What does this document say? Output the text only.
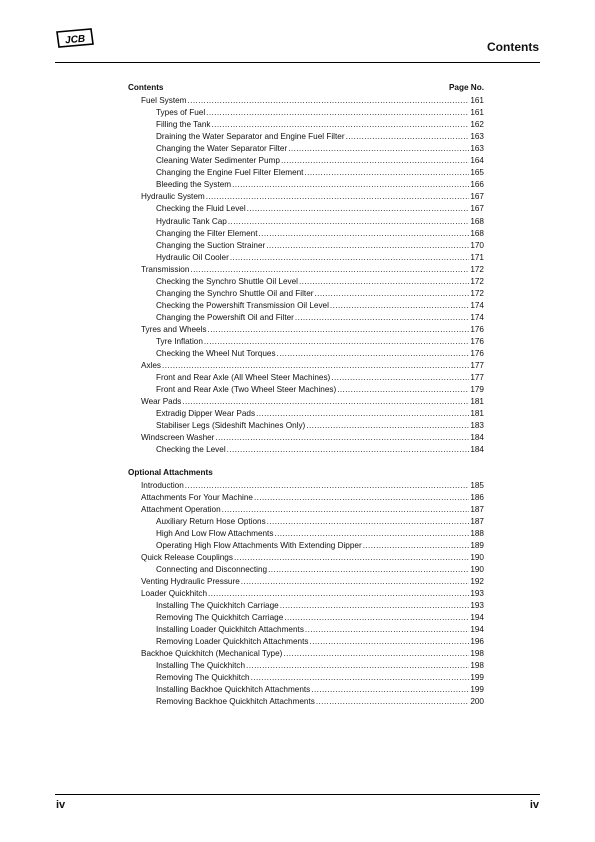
JCB
Contents
Contents	Page No.
Fuel System .....	161
Types of Fuel .....	161
Filling the Tank .....	162
Draining the Water Separator and Engine Fuel Filter .....	163
Changing the Water Separator Filter .....	163
Cleaning Water Sedimenter Pump .....	164
Changing the Engine Fuel Filter Element .....	165
Bleeding the System .....	166
Hydraulic System .....	167
Checking the Fluid Level .....	167
Hydraulic Tank Cap .....	168
Changing the Filter Element .....	168
Changing the Suction Strainer .....	170
Hydraulic Oil Cooler .....	171
Transmission .....	172
Checking the Synchro Shuttle Oil Level .....	172
Changing the Synchro Shuttle Oil and Filter .....	172
Checking the Powershift Transmission Oil Level .....	174
Changing the Powershift Oil and Filter .....	174
Tyres and Wheels .....	176
Tyre Inflation .....	176
Checking the Wheel Nut Torques .....	176
Axles .....	177
Front and Rear Axle (All Wheel Steer Machines) .....	177
Front and Rear Axle (Two Wheel Steer Machines) .....	179
Wear Pads .....	181
Extradig Dipper Wear Pads .....	181
Stabiliser Legs (Sideshift Machines Only) .....	183
Windscreen Washer .....	184
Checking the Level .....	184
Optional Attachments
Introduction .....	185
Attachments For Your Machine .....	186
Attachment Operation .....	187
Auxiliary Return Hose Options .....	187
High And Low Flow Attachments .....	188
Operating High Flow Attachments With Extending Dipper .....	189
Quick Release Couplings .....	190
Connecting and Disconnecting .....	190
Venting Hydraulic Pressure .....	192
Loader Quickhitch .....	193
Installing The Quickhitch Carriage .....	193
Removing The Quickhitch Carriage .....	194
Installing Loader Quickhitch Attachments .....	194
Removing Loader Quickhitch Attachments .....	196
Backhoe Quickhitch (Mechanical Type) .....	198
Installing The Quickhitch .....	198
Removing The Quickhitch .....	199
Installing Backhoe Quickhitch Attachments .....	199
Removing Backhoe Quickhitch Attachments .....	200
iv	iv
